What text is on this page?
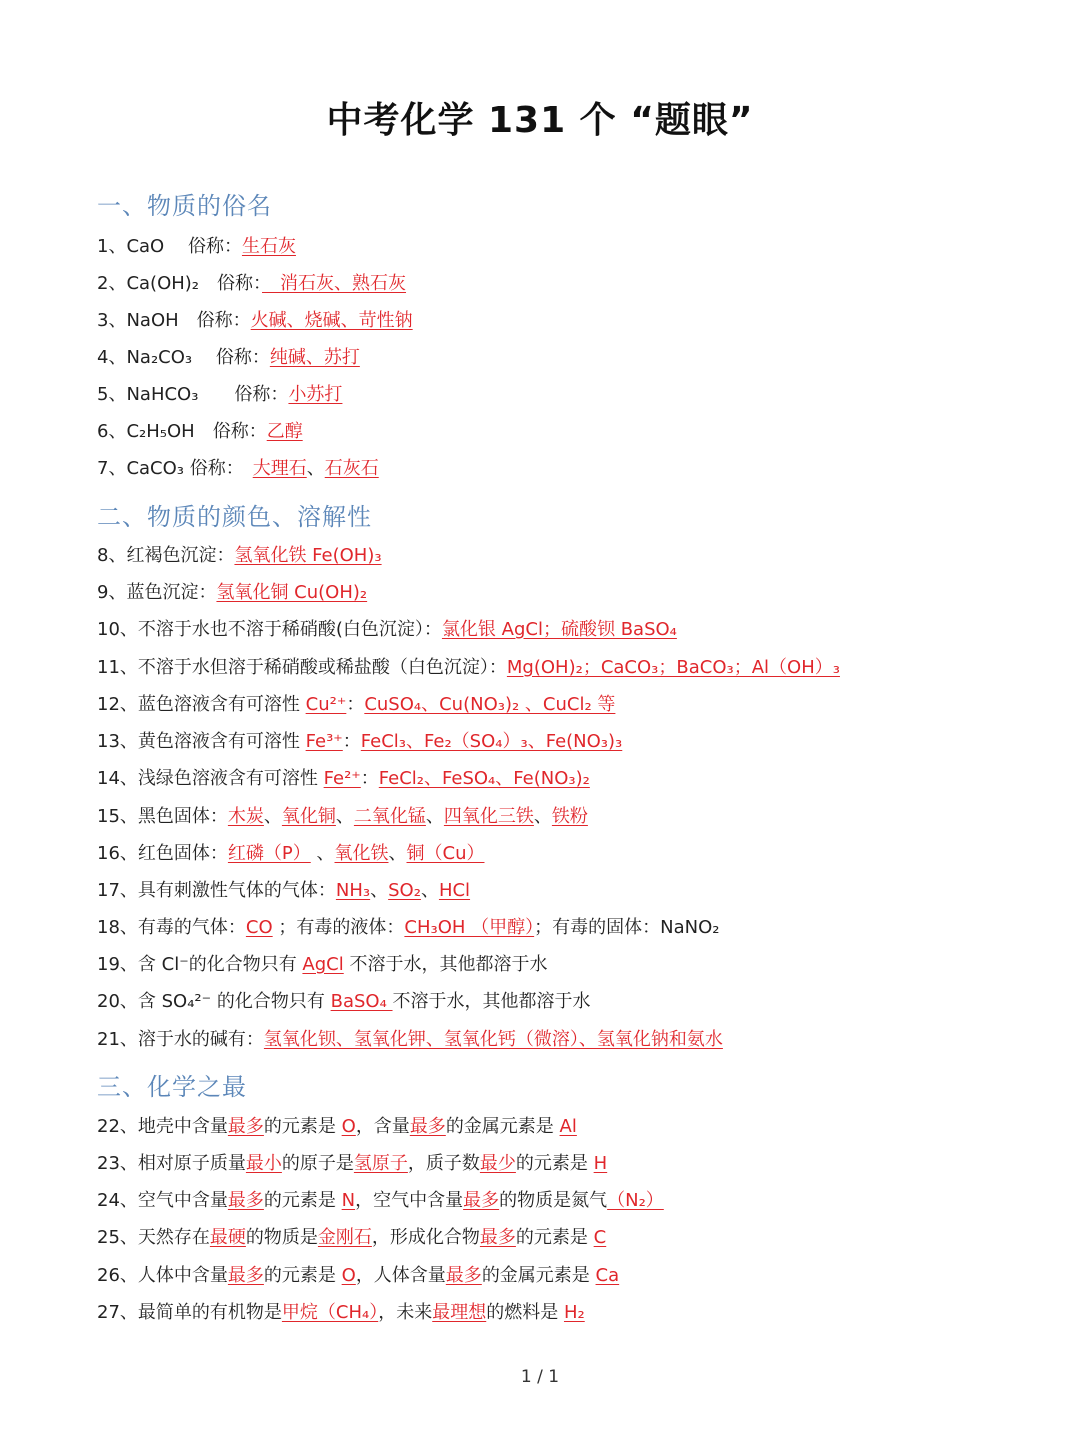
中考化学 131 个 “题眼”
一、物质的俗名
二、物质的颜色、溶解性
三、化学之最
1、CaO　 俗称：生石灰
2、Ca(OH)₂　俗称：　消石灰、熟石灰
3、NaOH　俗称：火碱、烧碱、苛性钠
4、Na₂CO₃　 俗称：纯碱、苏打
5、NaHCO₃　　俗称：小苏打
6、C₂H₅OH　俗称：乙醇
7、CaCO₃ 俗称：　大理石、石灰石
8、红褐色沉淀：氢氧化铁 Fe(OH)₃
9、蓝色沉淀：氢氧化铜 Cu(OH)₂
10、不溶于水也不溶于稀硝酸(白色沉淀）：氯化银 AgCl；硫酸钡 BaSO₄
11、不溶于水但溶于稀硝酸或稀盐酸（白色沉淀）：Mg(OH)₂；CaCO₃；BaCO₃；Al（OH）₃
12、蓝色溶液含有可溶性 Cu²⁺：CuSO₄、Cu(NO₃)₂ 、CuCl₂ 等
13、黄色溶液含有可溶性 Fe³⁺：FeCl₃、Fe₂（SO₄）₃、Fe(NO₃)₃
14、浅绿色溶液含有可溶性 Fe²⁺：FeCl₂、FeSO₄、Fe(NO₃)₂
15、黑色固体：木炭、氧化铜、二氧化锰、四氧化三铁、铁粉
16、红色固体：红磷（P） 、氧化铁、铜（Cu）
17、具有刺激性气体的气体：NH₃、SO₂、HCl
18、有毒的气体：CO ；有毒的液体：CH₃OH （甲醇）；有毒的固体：NaNO₂
19、含 Cl⁻的化合物只有 AgCl 不溶于水，其他都溶于水
20、含 SO₄²⁻ 的化合物只有 BaSO₄ 不溶于水，其他都溶于水
21、溶于水的碱有：氢氧化钡、氢氧化钾、氢氧化钙（微溶）、氢氧化钠和氨水
22、地壳中含量最多的元素是 O，含量最多的金属元素是 Al
23、相对原子质量最小的原子是氢原子，质子数最少的元素是 H
24、空气中含量最多的元素是 N，空气中含量最多的物质是氮气（N₂）
25、天然存在最硬的物质是金刚石，形成化合物最多的元素是 C
26、人体中含量最多的元素是 O，人体含量最多的金属元素是 Ca
27、最简单的有机物是甲烷（CH₄），未来最理想的燃料是 H₂
1 / 1
